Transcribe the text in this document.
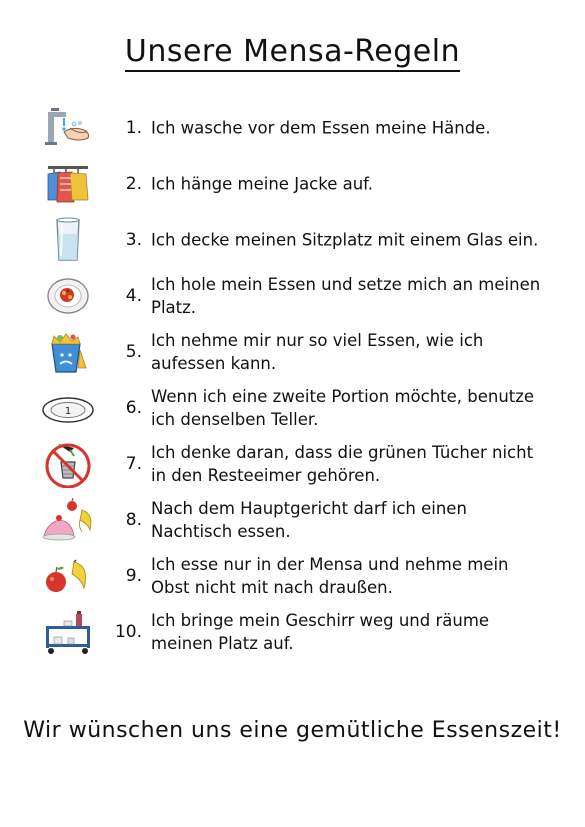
Unsere Mensa-Regeln
1. Ich wasche vor dem Essen meine Hände.
2. Ich hänge meine Jacke auf.
3. Ich decke meinen Sitzplatz mit einem Glas ein.
4.
Ich hole mein Essen und setze mich an meinen Platz.
5.
Ich nehme mir nur so viel Essen, wie ich aufessen kann.
1	6.
Wenn ich eine zweite Portion möchte, benutze ich denselben Teller.
7.
Ich denke daran, dass die grünen Tücher nicht in den Resteeimer gehören.
8.
Nach dem Hauptgericht darf ich einen Nachtisch essen.
9.
Ich esse nur in der Mensa und nehme mein Obst nicht mit nach draußen.
10.
Ich bringe mein Geschirr weg und räume meinen Platz auf.
Wir wünschen uns eine gemütliche Essenszeit!
